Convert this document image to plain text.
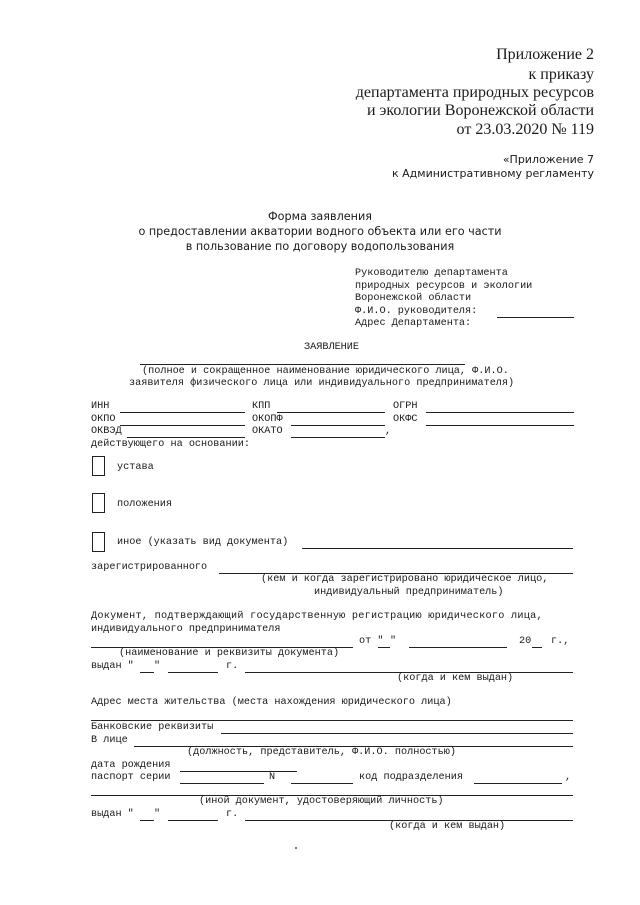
Приложение 2
к приказу
департамента природных ресурсов
и экологии Воронежской области
от 23.03.2020 № 119
«Приложение 7
к Административному регламенту
Форма заявления
о предоставлении акватории водного объекта или его части
в пользование по договору водопользования
Руководителю департамента
природных ресурсов и экологии
Воронежской области
Ф.И.О. руководителя:
Адрес Департамента:
ЗАЯВЛЕНИЕ
(полное и сокращенное наименование юридического лица, Ф.И.О.
заявителя физического лица или индивидуального предпринимателя)
ИНН	КПП	ОГРН
ОКПО	ОКОПФ	ОКФС
ОКВЭД	ОКАТО	,
действующего на основании:
устава
положения
иное (указать вид документа)
зарегистрированного
(кем и когда зарегистрировано юридическое лицо,
индивидуальный предприниматель)
Документ, подтверждающий государственную регистрацию юридического лица,
индивидуального предпринимателя
от " "	20 г.,
(наименование и реквизиты документа)
выдан " "	г.
(когда и кем выдан)
Адрес места жительства (места нахождения юридического лица)
Банковские реквизиты
В лице
(должность, представитель, Ф.И.О. полностью)
дата рождения
паспорт серии	N	код подразделения	,
(иной документ, удостоверяющий личность)
выдан " "	г.
(когда и кем выдан)
